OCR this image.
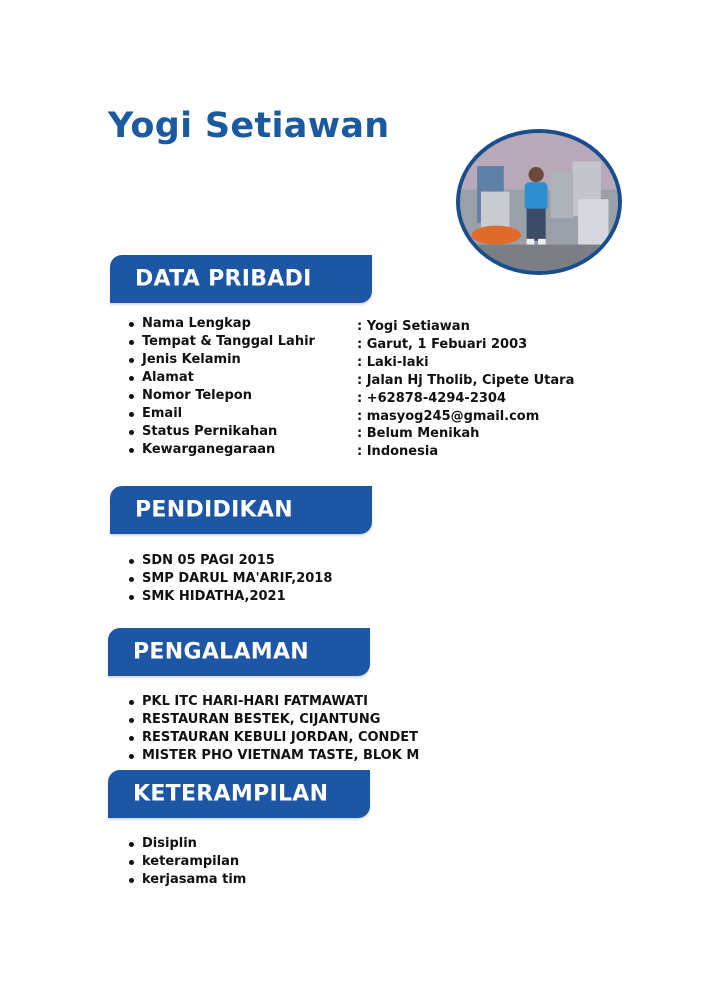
Yogi Setiawan
~ ~
DATA PRIBADI
Nama Lengkap
Tempat & Tanggal Lahir
Jenis Kelamin
Alamat
Nomor Telepon
Email
Status Pernikahan
Kewarganegaraan
: Yogi Setiawan
: Garut, 1 Febuari 2003
: Laki-laki
: Jalan Hj Tholib, Cipete Utara
: +62878-4294-2304
: masyog245@gmail.com
: Belum Menikah
: Indonesia
PENDIDIKAN
SDN 05 PAGI 2015
SMP DARUL MA'ARIF,2018
SMK HIDATHA,2021
PENGALAMAN
PKL ITC HARI-HARI FATMAWATI
RESTAURAN BESTEK, CIJANTUNG
RESTAURAN KEBULI JORDAN, CONDET
MISTER PHO VIETNAM TASTE, BLOK M
KETERAMPILAN
Disiplin
keterampilan
kerjasama tim
